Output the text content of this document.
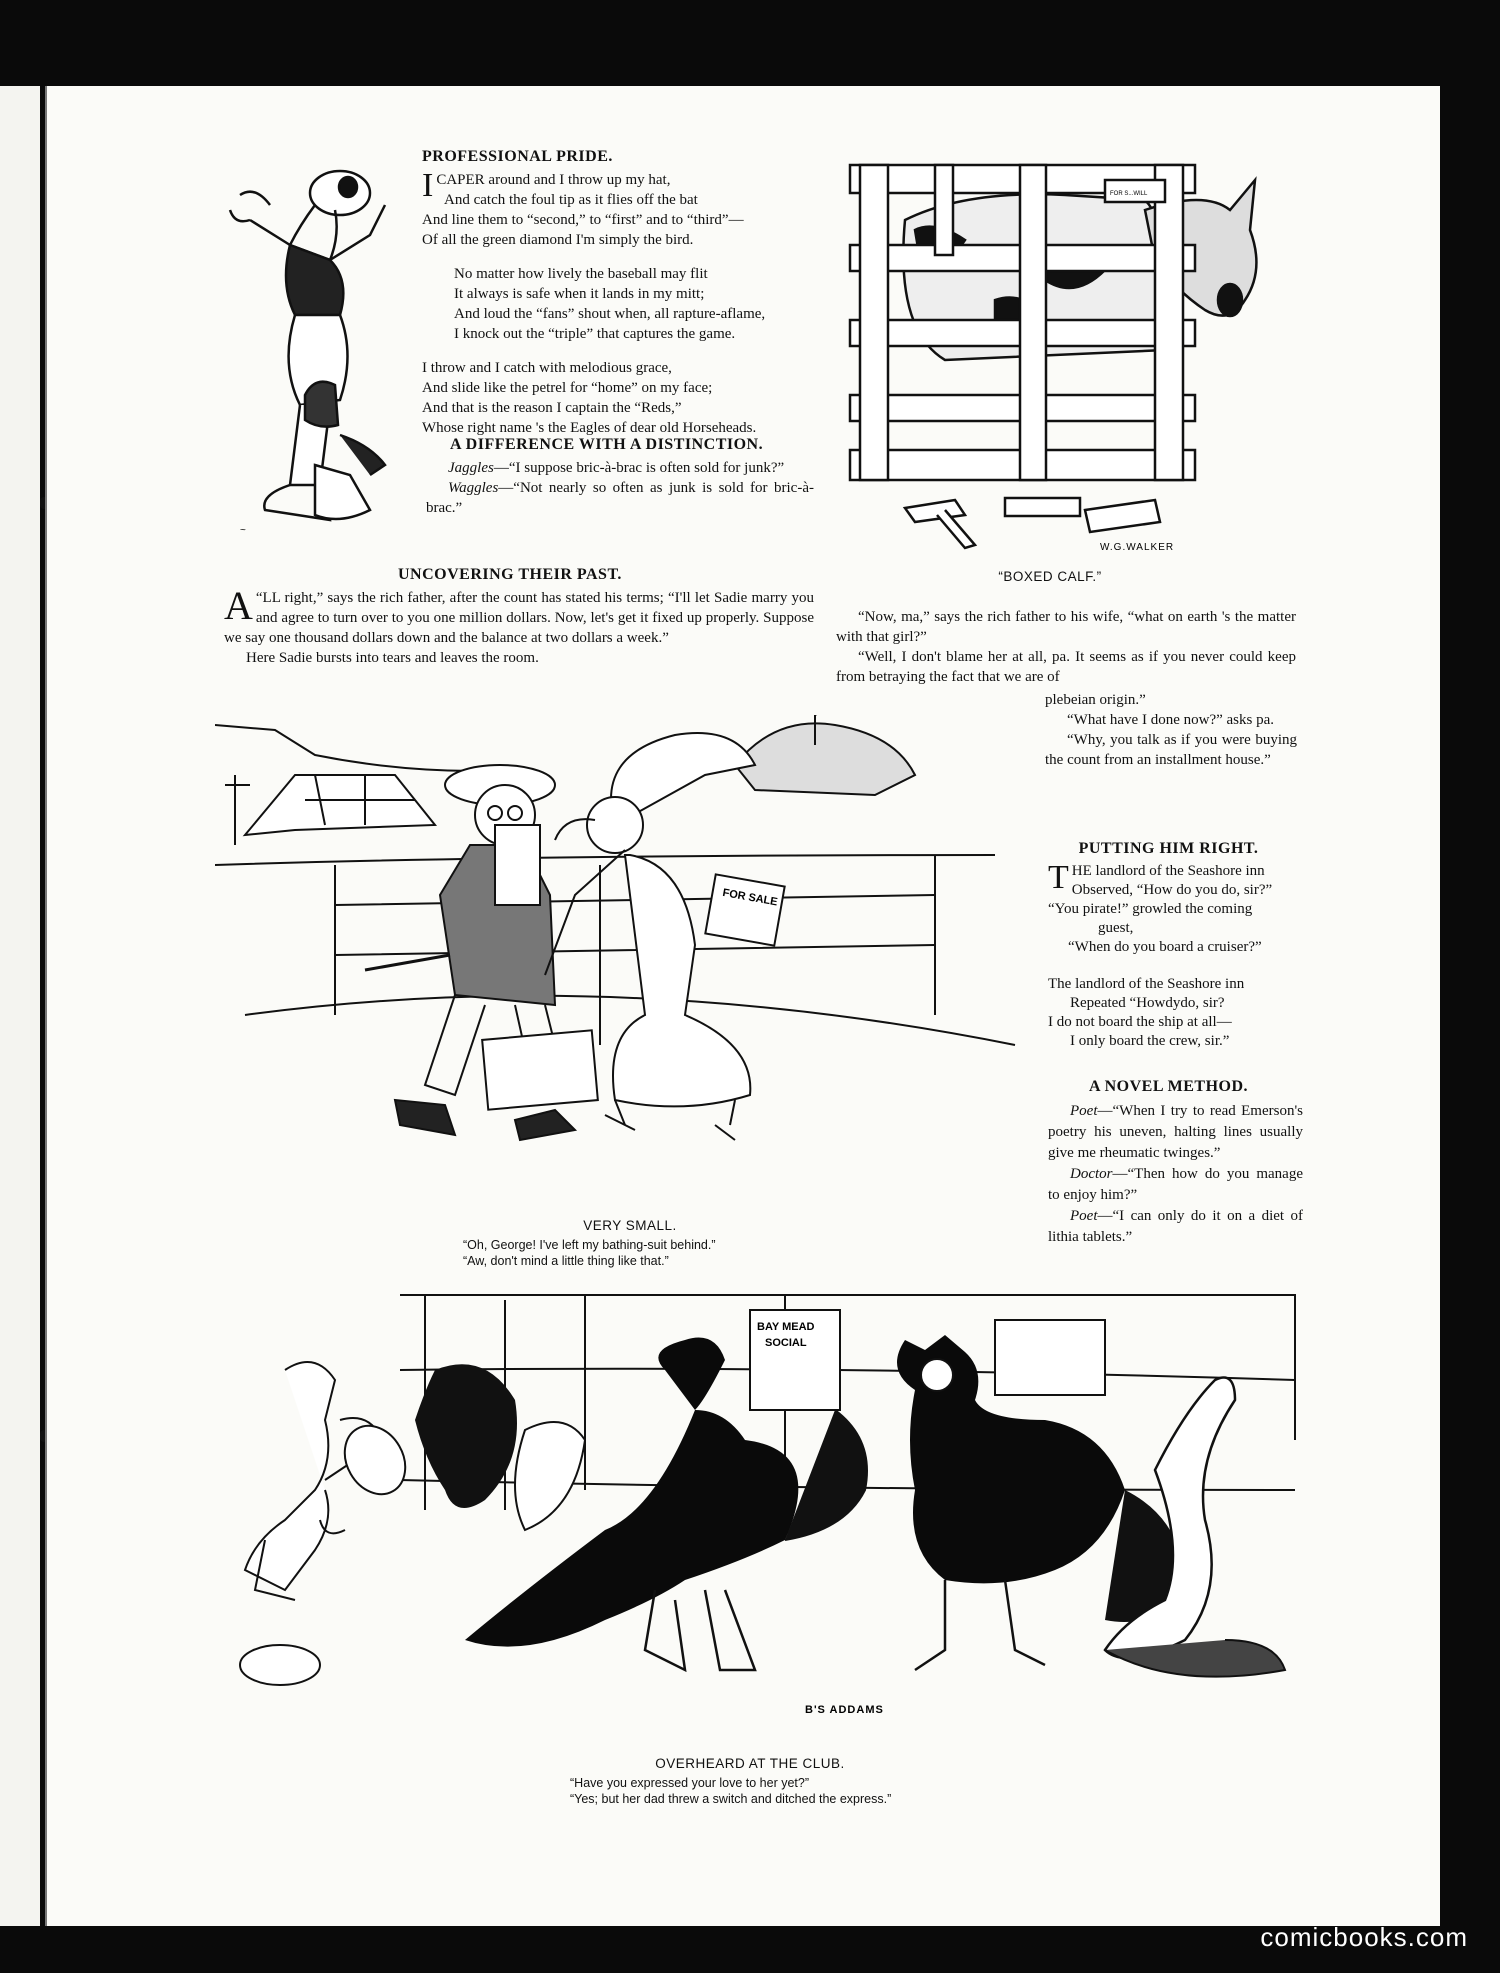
~
PROFESSIONAL PRIDE.

ICAPER around and I throw up my hat,

And catch the foul tip as it flies off the bat

And line them to “second,” to “first” and to “third”—

Of all the green diamond I'm simply the bird.

No matter how lively the baseball may flit

It always is safe when it lands in my mitt;

And loud the “fans” shout when, all rapture-aflame,

I knock out the “triple” that captures the game.

I throw and I catch with melodious grace,

And slide like the petrel for “home” on my face;

And that is the reason I captain the “Reds,”

Whose right name 's the Eagles of dear old Horseheads.

A DIFFERENCE WITH A DISTINCTION.

Jaggles—“I suppose bric-à-brac is often sold for junk?”

Waggles—“Not nearly so often as junk is sold for bric-à-brac.”

FOR S...WILL
W.G.WALKER
“BOXED CALF.”
UNCOVERING THEIR PAST.

A “LL right,” says the rich father, after the count has stated his terms; “I'll let Sadie marry you and agree to turn over to you one million dollars. Now, let's get it fixed up properly. Suppose we say one thousand dollars down and the balance at two dollars a week.”

Here Sadie bursts into tears and leaves the room.

“Now, ma,” says the rich father to his wife, “what on earth 's the matter with that girl?”

“Well, I don't blame her at all, pa. It seems as if you never could keep from betraying the fact that we are of

plebeian origin.”

“What have I done now?” asks pa.

“Why, you talk as if you were buying the count from an installment house.”

FOR SALE
VERY SMALL.

“Oh, George! I've left my bathing-suit behind.”

“Aw, don't mind a little thing like that.”

PUTTING HIM RIGHT.

THE landlord of the Seashore inn

Observed, “How do you do, sir?”

“You pirate!” growled the coming

guest,

“When do you board a cruiser?”

The landlord of the Seashore inn

Repeated “Howdydo, sir?

I do not board the ship at all—

I only board the crew, sir.”

A NOVEL METHOD.

Poet—“When I try to read Emerson's poetry his uneven, halting lines usually give me rheumatic twinges.”

Doctor—“Then how do you manage to enjoy him?”

Poet—“I can only do it on a diet of lithia tablets.”

BAY MEAD
SOCIAL
B'S ADDAMS
OVERHEARD AT THE CLUB.

“Have you expressed your love to her yet?”

“Yes; but her dad threw a switch and ditched the express.”

comicbooks.com
